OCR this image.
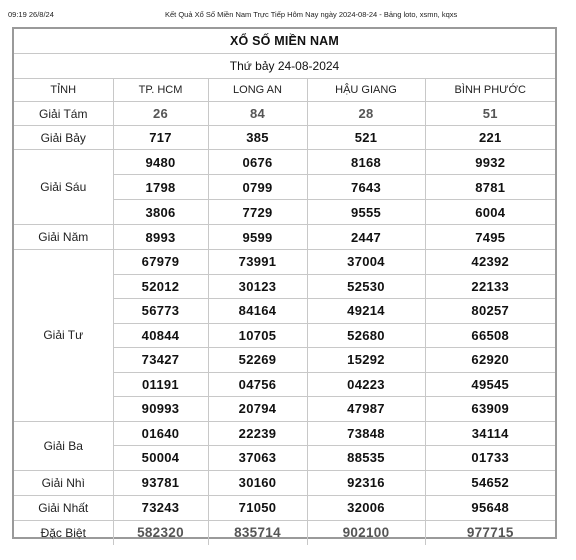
09:19 26/8/24	Kết Quả Xổ Số Miền Nam Trực Tiếp Hôm Nay ngày 2024-08-24 - Bảng loto, xsmn, kqxs
XỔ SỐ MIỀN NAM
Thứ bảy 24-08-2024
TỈNH	TP. HCM	LONG AN	HẬU GIANG	BÌNH PHƯỚC
Giải Tám	26	84	28	51
Giải Bảy	717	385	521	221
Giải Sáu	9480	0676	8168	9932
	1798	0799	7643	8781
	3806	7729	9555	6004
Giải Năm	8993	9599	2447	7495
Giải Tư	67979	73991	37004	42392
	52012	30123	52530	22133
	56773	84164	49214	80257
	40844	10705	52680	66508
	73427	52269	15292	62920
	01191	04756	04223	49545
	90993	20794	47987	63909
Giải Ba	01640	22239	73848	34114
	50004	37063	88535	01733
Giải Nhì	93781	30160	92316	54652
Giải Nhất	73243	71050	32006	95648
Đặc Biệt	582320	835714	902100	977715
